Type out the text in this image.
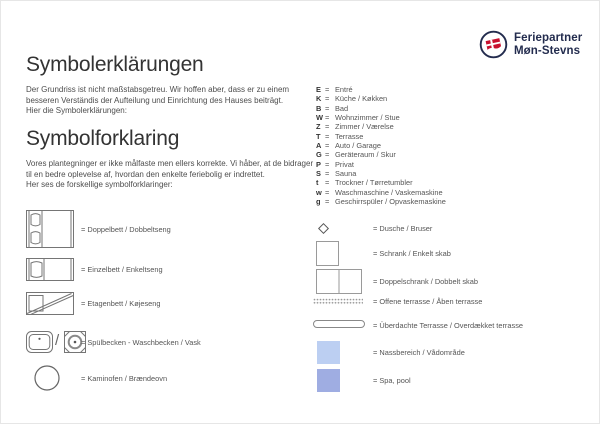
Feriepartner
Møn-Stevns
Symbolerklärungen
Der Grundriss ist nicht maßstabsgetreu. Wir hoffen aber, dass er zu einem
besseren Verständis der Aufteilung und Einrichtung des Hauses beiträgt.
Hier die Symbolerklärungen:
Symbolforklaring
Vores plantegninger er ikke målfaste men ellers korrekte. Vi håber, at de bidrager
til en bedre oplevelse af, hvordan den enkelte feriebolig er indrettet.
Her ses de forskellige symbolforklaringer:
E = Entré
K = Küche / Køkken
B = Bad
W = Wohnzimmer / Stue
Z = Zimmer / Værelse
T = Terrasse
A = Auto / Garage
G = Geräteraum / Skur
P = Privat
S = Sauna
t = Trockner / Tørretumbler
w = Waschmaschine / Vaskemaskine
g = Geschirrspüler / Opvaskemaskine
/
= Doppelbett / Dobbeltseng
= Einzelbett / Enkeltseng
= Etagenbett / Køjeseng
= Spülbecken - Waschbecken / Vask
= Kaminofen / Brændeovn
= Dusche / Bruser
= Schrank / Enkelt skab
= Doppelschrank / Dobbelt skab
= Offene terrasse / Åben terrasse
= Überdachte Terrasse / Overdækket terrasse
= Nassbereich / Vådområde
= Spa, pool
